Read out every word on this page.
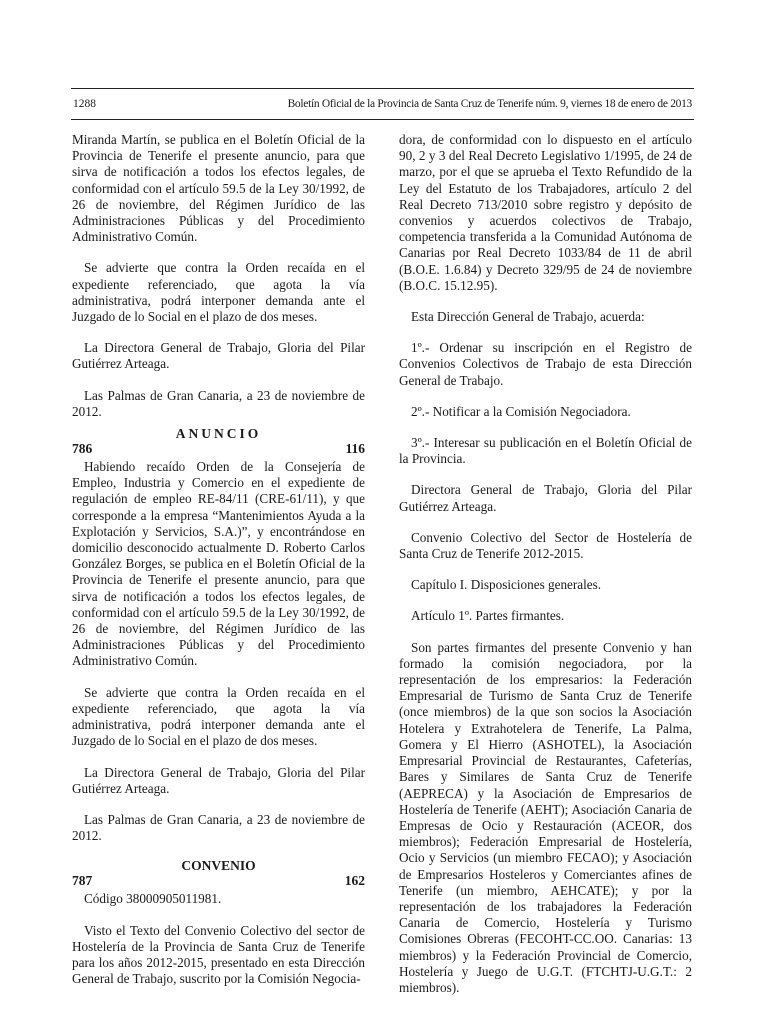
1288	Boletín Oficial de la Provincia de Santa Cruz de Tenerife núm. 9, viernes 18 de enero de 2013

Miranda Martín, se publica en el Boletín Oficial de la Provincia de Tenerife el presente anuncio, para que sirva de notificación a todos los efectos legales, de conformidad con el artículo 59.5 de la Ley 30/1992, de 26 de noviembre, del Régimen Jurídico de las Administraciones Públicas y del Procedimiento Administrativo Común.

Se advierte que contra la Orden recaída en el expediente referenciado, que agota la vía administrativa, podrá interponer demanda ante el Juzgado de lo Social en el plazo de dos meses.

La Directora General de Trabajo, Gloria del Pilar Gutiérrez Arteaga.

Las Palmas de Gran Canaria, a 23 de noviembre de 2012.

ANUNCIO
786	116

Habiendo recaído Orden de la Consejería de Empleo, Industria y Comercio en el expediente de regulación de empleo RE-84/11 (CRE-61/11), y que corresponde a la empresa “Mantenimientos Ayuda a la Explotación y Servicios, S.A.)”, y encontrándose en domicilio desconocido actualmente D. Roberto Carlos González Borges, se publica en el Boletín Oficial de la Provincia de Tenerife el presente anuncio, para que sirva de notificación a todos los efectos legales, de conformidad con el artículo 59.5 de la Ley 30/1992, de 26 de noviembre, del Régimen Jurídico de las Administraciones Públicas y del Procedimiento Administrativo Común.

Se advierte que contra la Orden recaída en el expediente referenciado, que agota la vía administrativa, podrá interponer demanda ante el Juzgado de lo Social en el plazo de dos meses.

La Directora General de Trabajo, Gloria del Pilar Gutiérrez Arteaga.

Las Palmas de Gran Canaria, a 23 de noviembre de 2012.

CONVENIO
787	162

Código 38000905011981.

Visto el Texto del Convenio Colectivo del sector de Hostelería de la Provincia de Santa Cruz de Tenerife para los años 2012-2015, presentado en esta Dirección General de Trabajo, suscrito por la Comisión Negocia-

dora, de conformidad con lo dispuesto en el artículo 90, 2 y 3 del Real Decreto Legislativo 1/1995, de 24 de marzo, por el que se aprueba el Texto Refundido de la Ley del Estatuto de los Trabajadores, artículo 2 del Real Decreto 713/2010 sobre registro y depósito de convenios y acuerdos colectivos de Trabajo, competencia transferida a la Comunidad Autónoma de Canarias por Real Decreto 1033/84 de 11 de abril (B.O.E. 1.6.84) y Decreto 329/95 de 24 de noviembre (B.O.C. 15.12.95).

Esta Dirección General de Trabajo, acuerda:

1º.- Ordenar su inscripción en el Registro de Convenios Colectivos de Trabajo de esta Dirección General de Trabajo.

2º.- Notificar a la Comisión Negociadora.

3º.- Interesar su publicación en el Boletín Oficial de la Provincia.

Directora General de Trabajo, Gloria del Pilar Gutiérrez Arteaga.

Convenio Colectivo del Sector de Hostelería de Santa Cruz de Tenerife 2012-2015.

Capítulo I. Disposiciones generales.

Artículo 1º. Partes firmantes.

Son partes firmantes del presente Convenio y han formado la comisión negociadora, por la representación de los empresarios: la Federación Empresarial de Turismo de Santa Cruz de Tenerife (once miembros) de la que son socios la Asociación Hotelera y Extrahotelera de Tenerife, La Palma, Gomera y El Hierro (ASHOTEL), la Asociación Empresarial Provincial de Restaurantes, Cafeterías, Bares y Similares de Santa Cruz de Tenerife (AEPRECA) y la Asociación de Empresarios de Hostelería de Tenerife (AEHT); Asociación Canaria de Empresas de Ocio y Restauración (ACEOR, dos miembros); Federación Empresarial de Hostelería, Ocio y Servicios (un miembro FECAO); y Asociación de Empresarios Hosteleros y Comerciantes afines de Tenerife (un miembro, AEHCATE); y por la representación de los trabajadores la Federación Canaria de Comercio, Hostelería y Turismo Comisiones Obreras (FECOHT-CC.OO. Canarias: 13 miembros) y la Federación Provincial de Comercio, Hostelería y Juego de U.G.T. (FTCHTJ-U.G.T.: 2 miembros).
